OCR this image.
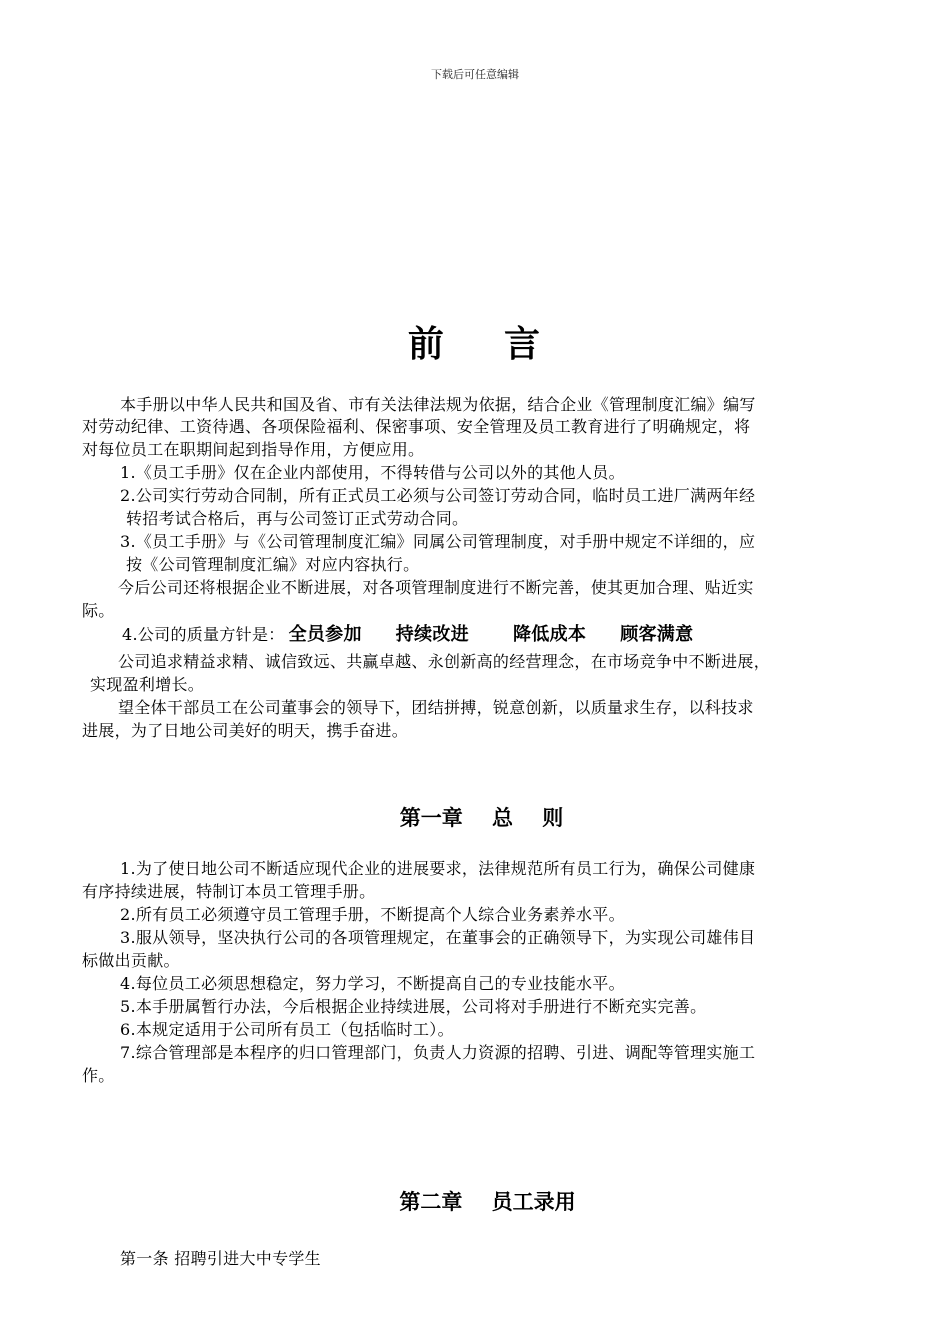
下载后可任意编辑
前    言
本手册以中华人民共和国及省、市有关法律法规为依据，结合企业《管理制度汇编》编写
对劳动纪律、工资待遇、各项保险福利、保密事项、安全管理及员工教育进行了明确规定，将
对每位员工在职期间起到指导作用，方便应用。
1.《员工手册》仅在企业内部使用，不得转借与公司以外的其他人员。
2.公司实行劳动合同制，所有正式员工必须与公司签订劳动合同，临时员工进厂满两年经
转招考试合格后，再与公司签订正式劳动合同。
3.《员工手册》与《公司管理制度汇编》同属公司管理制度，对手册中规定不详细的，应
按《公司管理制度汇编》对应内容执行。
今后公司还将根据企业不断进展，对各项管理制度进行不断完善，使其更加合理、贴近实
际。
4.公司的质量方针是： 全员参加 持续改进 降低成本 顾客满意
公司追求精益求精、诚信致远、共赢卓越、永创新高的经营理念，在市场竞争中不断进展，
实现盈利增长。
望全体干部员工在公司董事会的领导下，团结拼搏，锐意创新，以质量求生存，以科技求
进展，为了日地公司美好的明天，携手奋进。
第一章    总    则
1.为了使日地公司不断适应现代企业的进展要求，法律规范所有员工行为，确保公司健康
有序持续进展，特制订本员工管理手册。
2.所有员工必须遵守员工管理手册，不断提高个人综合业务素养水平。
3.服从领导，坚决执行公司的各项管理规定，在董事会的正确领导下，为实现公司雄伟目
标做出贡献。
4.每位员工必须思想稳定，努力学习，不断提高自己的专业技能水平。
5.本手册属暂行办法，今后根据企业持续进展，公司将对手册进行不断充实完善。
6.本规定适用于公司所有员工（包括临时工）。
7.综合管理部是本程序的归口管理部门，负责人力资源的招聘、引进、调配等管理实施工
作。
第二章    员工录用
第一条 招聘引进大中专学生
